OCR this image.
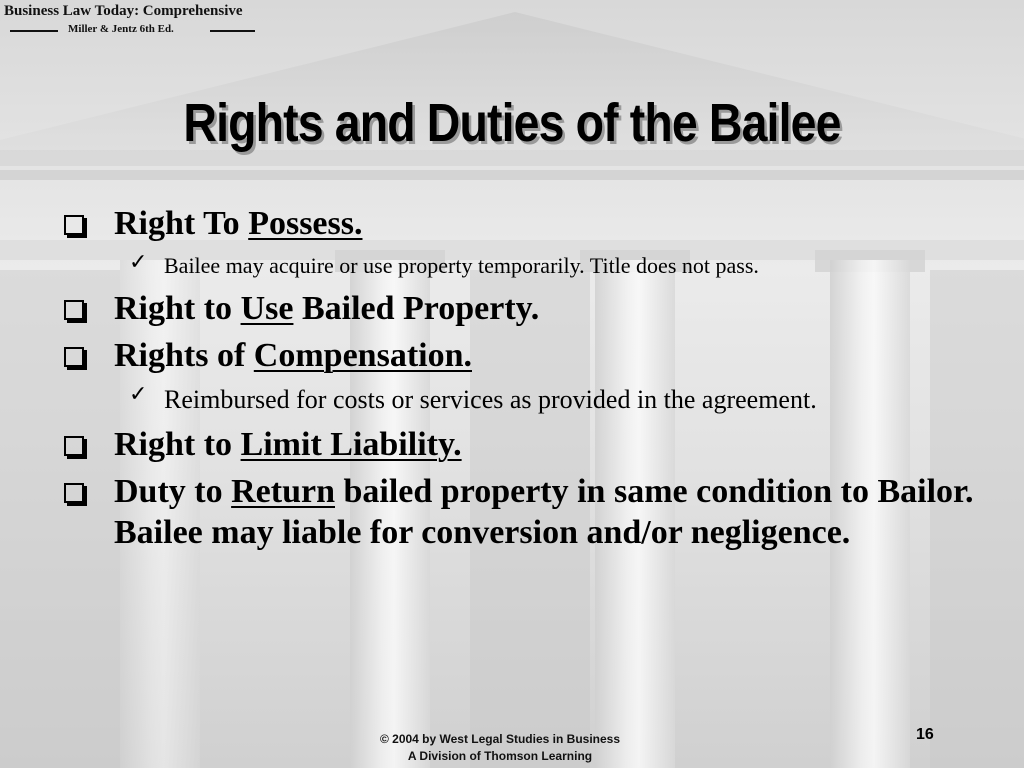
Business Law Today: Comprehensive
Miller & Jentz 6th Ed.
Rights and Duties of the Bailee
Right To Possess.
✓ Bailee may acquire or use property temporarily. Title does not pass.
Right to Use Bailed Property.
Rights of Compensation.
✓ Reimbursed for costs or services as provided in the agreement.
Right to Limit Liability.
Duty to Return bailed property in same condition to Bailor. Bailee may liable for conversion and/or negligence.
© 2004 by West Legal Studies in Business
A Division of Thomson Learning
16
